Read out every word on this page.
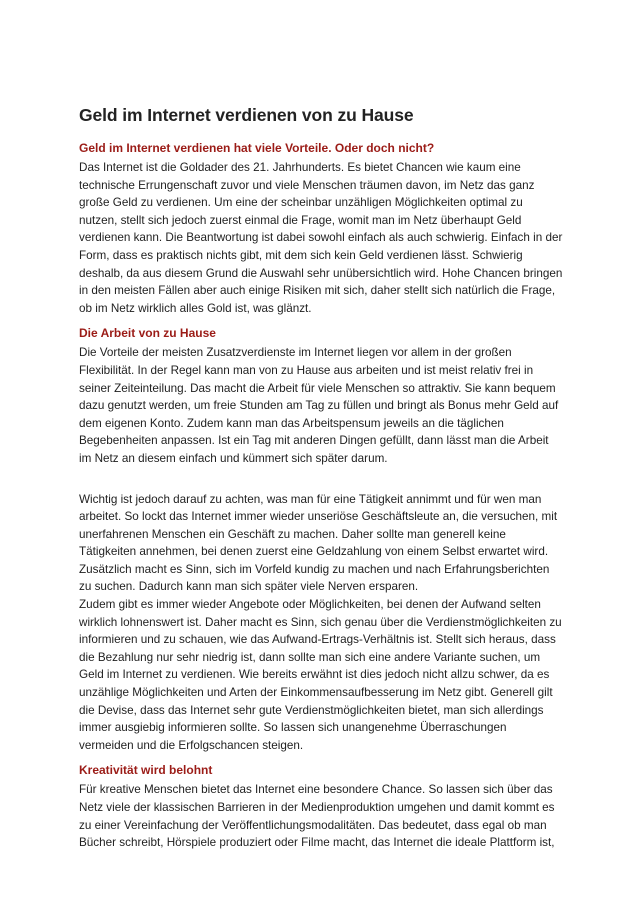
Geld im Internet verdienen von zu Hause
Geld im Internet verdienen hat viele Vorteile. Oder doch nicht?

Das Internet ist die Goldader des 21. Jahrhunderts. Es bietet Chancen wie kaum eine technische Errungenschaft zuvor und viele Menschen träumen davon, im Netz das ganz große Geld zu verdienen. Um eine der scheinbar unzähligen Möglichkeiten optimal zu nutzen, stellt sich jedoch zuerst einmal die Frage, womit man im Netz überhaupt Geld verdienen kann. Die Beantwortung ist dabei sowohl einfach als auch schwierig. Einfach in der Form, dass es praktisch nichts gibt, mit dem sich kein Geld verdienen lässt. Schwierig deshalb, da aus diesem Grund die Auswahl sehr unübersichtlich wird. Hohe Chancen bringen in den meisten Fällen aber auch einige Risiken mit sich, daher stellt sich natürlich die Frage, ob im Netz wirklich alles Gold ist, was glänzt.

Die Arbeit von zu Hause

Die Vorteile der meisten Zusatzverdienste im Internet liegen vor allem in der großen Flexibilität. In der Regel kann man von zu Hause aus arbeiten und ist meist relativ frei in seiner Zeiteinteilung. Das macht die Arbeit für viele Menschen so attraktiv. Sie kann bequem dazu genutzt werden, um freie Stunden am Tag zu füllen und bringt als Bonus mehr Geld auf dem eigenen Konto. Zudem kann man das Arbeitspensum jeweils an die täglichen Begebenheiten anpassen. Ist ein Tag mit anderen Dingen gefüllt, dann lässt man die Arbeit im Netz an diesem einfach und kümmert sich später darum.

Wichtig ist jedoch darauf zu achten, was man für eine Tätigkeit annimmt und für wen man arbeitet. So lockt das Internet immer wieder unseriöse Geschäftsleute an, die versuchen, mit unerfahrenen Menschen ein Geschäft zu machen. Daher sollte man generell keine Tätigkeiten annehmen, bei denen zuerst eine Geldzahlung von einem Selbst erwartet wird. Zusätzlich macht es Sinn, sich im Vorfeld kundig zu machen und nach Erfahrungsberichten zu suchen. Dadurch kann man sich später viele Nerven ersparen.

Zudem gibt es immer wieder Angebote oder Möglichkeiten, bei denen der Aufwand selten wirklich lohnenswert ist. Daher macht es Sinn, sich genau über die Verdienstmöglichkeiten zu informieren und zu schauen, wie das Aufwand-Ertrags-Verhältnis ist. Stellt sich heraus, dass die Bezahlung nur sehr niedrig ist, dann sollte man sich eine andere Variante suchen, um Geld im Internet zu verdienen. Wie bereits erwähnt ist dies jedoch nicht allzu schwer, da es unzählige Möglichkeiten und Arten der Einkommensaufbesserung im Netz gibt. Generell gilt die Devise, dass das Internet sehr gute Verdienstmöglichkeiten bietet, man sich allerdings immer ausgiebig informieren sollte. So lassen sich unangenehme Überraschungen vermeiden und die Erfolgschancen steigen.

Kreativität wird belohnt

Für kreative Menschen bietet das Internet eine besondere Chance. So lassen sich über das Netz viele der klassischen Barrieren in der Medienproduktion umgehen und damit kommt es zu einer Vereinfachung der Veröffentlichungsmodalitäten. Das bedeutet, dass egal ob man Bücher schreibt, Hörspiele produziert oder Filme macht, das Internet die ideale Plattform ist,
